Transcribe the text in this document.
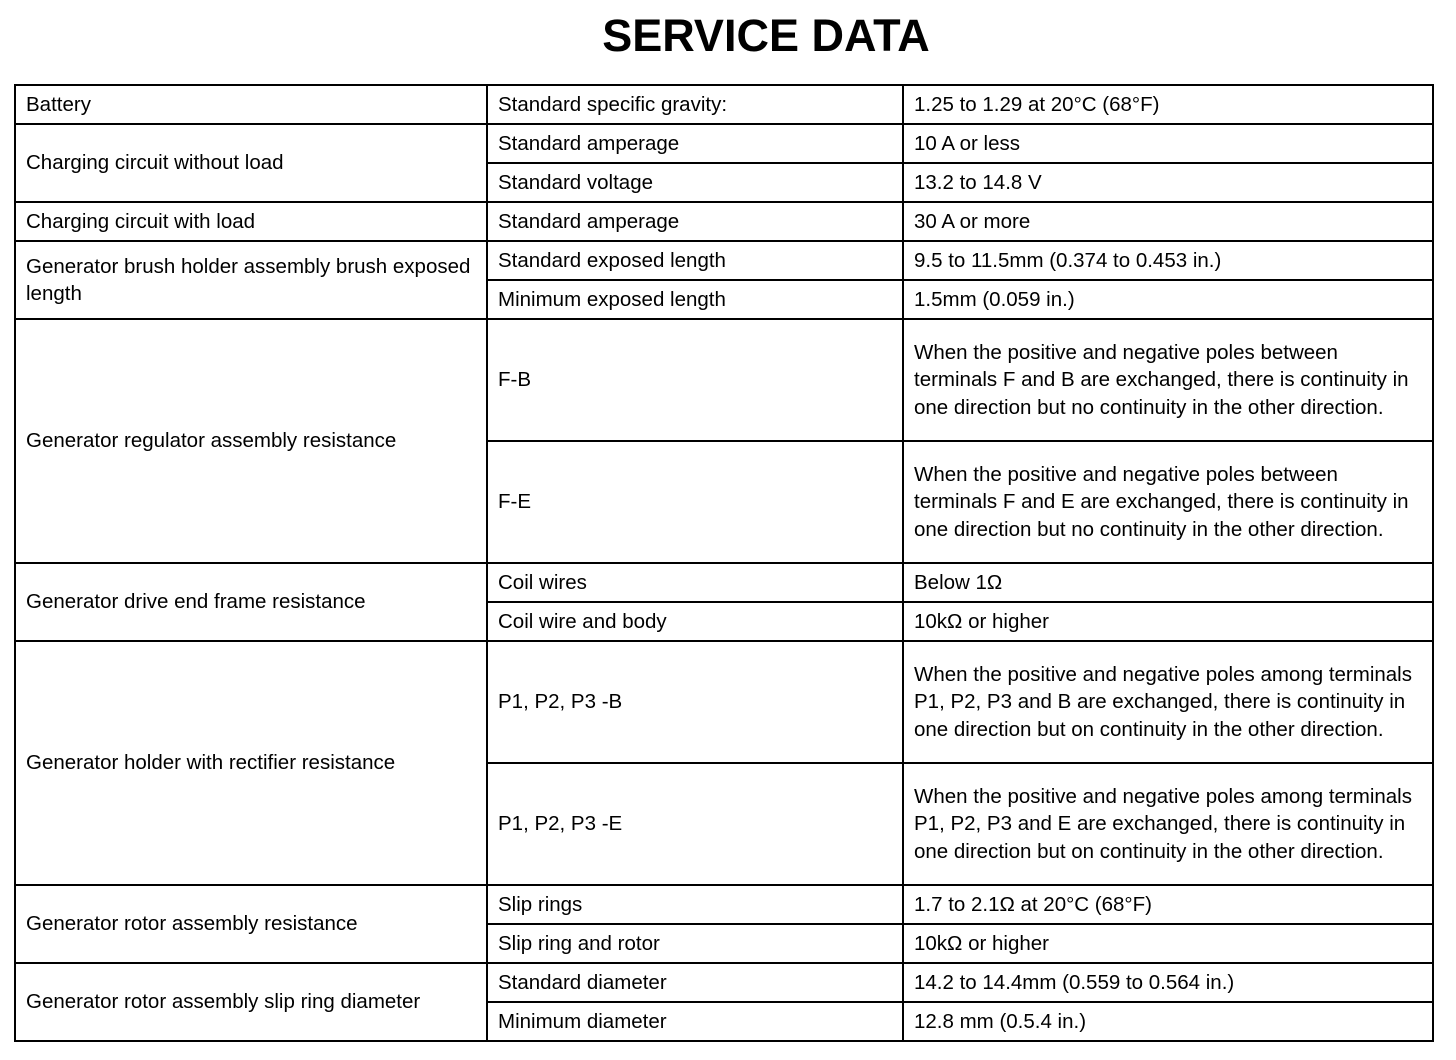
SERVICE DATA
Battery	Standard specific gravity:	1.25 to 1.29 at 20°C (68°F)
Charging circuit without load	Standard amperage	10 A or less
	Standard voltage	13.2 to 14.8 V
Charging circuit with load	Standard amperage	30 A or more
Generator brush holder assembly brush exposed length	Standard exposed length	9.5 to 11.5mm (0.374 to 0.453 in.)
	Minimum exposed length	1.5mm (0.059 in.)
Generator regulator assembly resistance	F-B	When the positive and negative poles between terminals F and B are exchanged, there is continuity in one direction but no continuity in the other direction.
	F-E	When the positive and negative poles between terminals F and E are exchanged, there is continuity in one direction but no continuity in the other direction.
Generator drive end frame resistance	Coil wires	Below 1Ω
	Coil wire and body	10kΩ or higher
Generator holder with rectifier resistance	P1, P2, P3 -B	When the positive and negative poles among terminals P1, P2, P3 and B are exchanged, there is continuity in one direction but on continuity in the other direction.
	P1, P2, P3 -E	When the positive and negative poles among terminals P1, P2, P3 and E are exchanged, there is continuity in one direction but on continuity in the other direction.
Generator rotor assembly resistance	Slip rings	1.7 to 2.1Ω at 20°C (68°F)
	Slip ring and rotor	10kΩ or higher
Generator rotor assembly slip ring diameter	Standard diameter	14.2 to 14.4mm (0.559 to 0.564 in.)
	Minimum diameter	12.8 mm (0.5.4 in.)
